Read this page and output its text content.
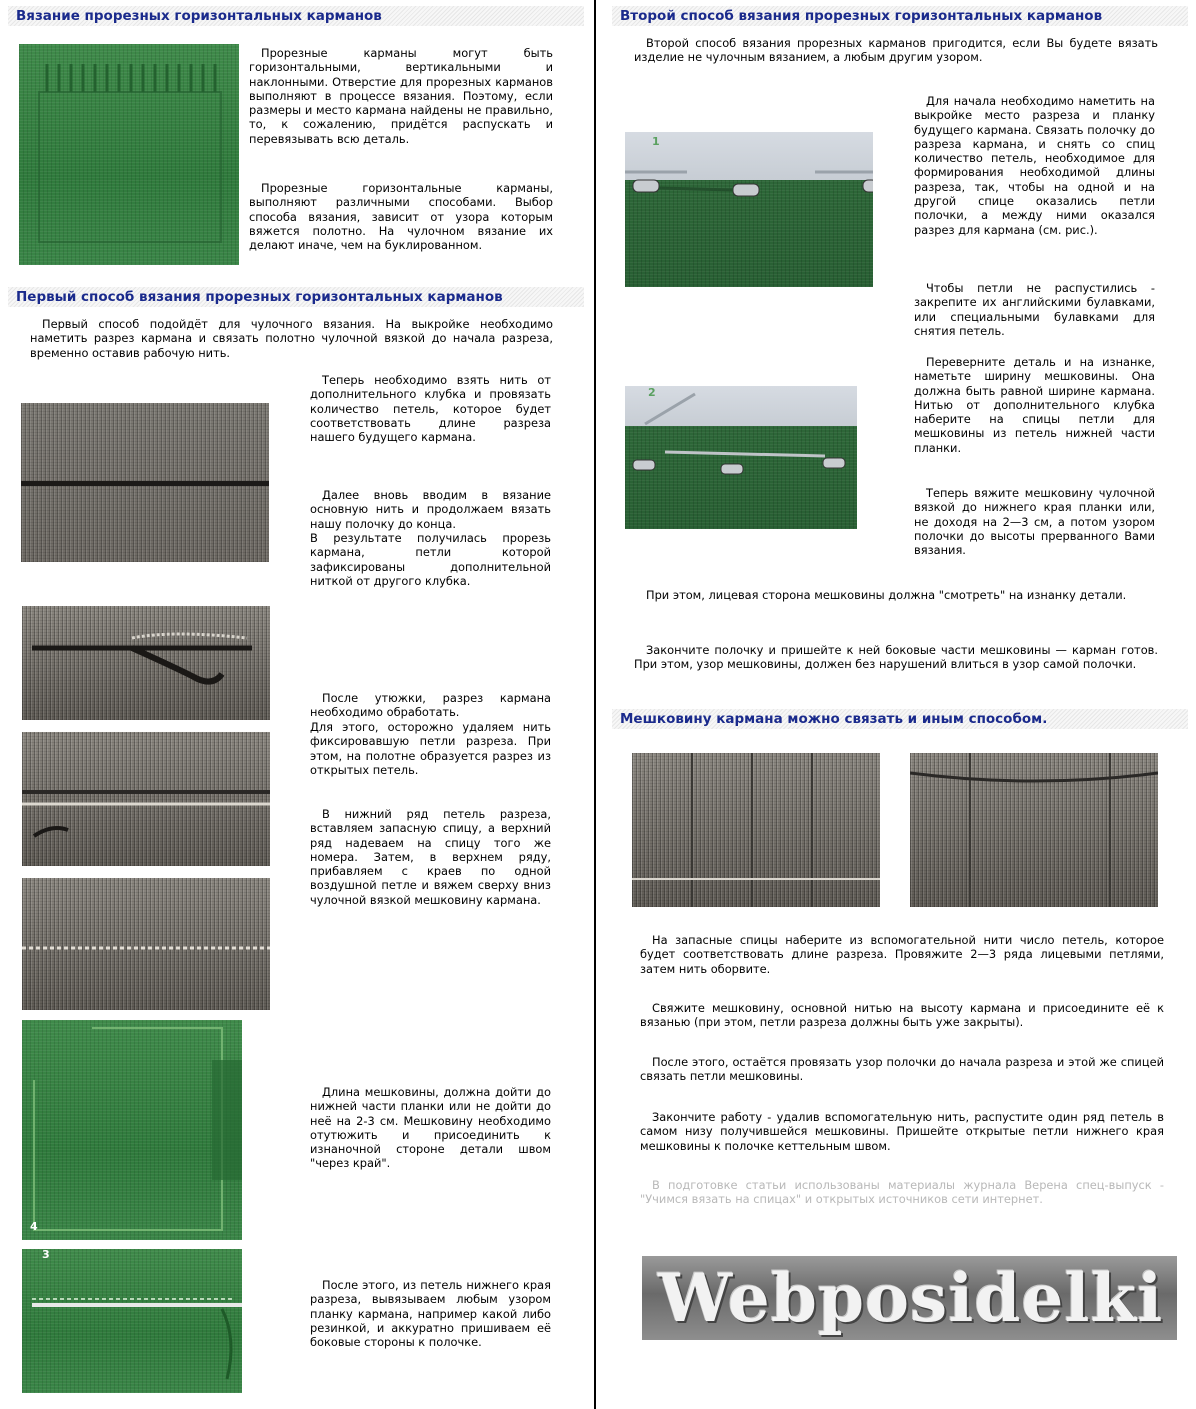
Вязание прорезных горизонтальных карманов

Прорезные карманы могут быть горизонтальными, вертикальными и наклонными. Отверстие для прорезных карманов выполняют в процессе вязания. Поэтому, если размеры и место кармана найдены не правильно, то, к сожалению, придётся распускать и перевязывать всю деталь.

Прорезные горизонтальные карманы, выполняют различными способами. Выбор способа вязания, зависит от узора которым вяжется полотно. На чулочном вязание их делают иначе, чем на буклированном.

Первый способ вязания прорезных горизонтальных карманов

Первый способ подойдёт для чулочного вязания. На выкройке необходимо наметить разрез кармана и связать полотно чулочной вязкой до начала разреза, временно оставив рабочую нить.

Теперь необходимо взять нить от дополнительного клубка и провязать количество петель, которое будет соответствовать длине разреза нашего будущего кармана.

Далее вновь вводим в вязание основную нить и продолжаем вязать нашу полочку до конца.

В результате получилась прорезь кармана, петли которой зафиксированы дополнительной ниткой от другого клубка.

После утюжки, разрез кармана необходимо обработать.

Для этого, осторожно удаляем нить фиксировавшую петли разреза. При этом, на полотне образуется разрез из открытых петель.

В нижний ряд петель разреза, вставляем запасную спицу, а верхний ряд надеваем на спицу того же номера. Затем, в верхнем ряду, прибавляем с краев по одной воздушной петле и вяжем сверху вниз чулочной вязкой мешковину кармана.

4

Длина мешковины, должна дойти до нижней части планки или не дойти до неё на 2-3 см. Мешковину необходимо отутюжить и присоединить к изнаночной стороне детали швом "через край".

3

После этого, из петель нижнего края разреза, вывязываем любым узором планку кармана, например какой либо резинкой, и аккуратно пришиваем её боковые стороны к полочке.

Второй способ вязания прорезных горизонтальных карманов

Второй способ вязания прорезных карманов пригодится, если Вы будете вязать изделие не чулочным вязанием, а любым другим узором.

1

Для начала необходимо наметить на выкройке место разреза и планку будущего кармана. Связать полочку до разреза кармана, и снять со спиц количество петель, необходимое для формирования необходимой длины разреза, так, чтобы на одной и на другой спице оказались петли полочки, а между ними оказался разрез для кармана (см. рис.).

Чтобы петли не распустились - закрепите их английскими булавками, или специальными булавками для снятия петель.

2

Переверните деталь и на изнанке, наметьте ширину мешковины. Она должна быть равной ширине кармана. Нитью от дополнительного клубка наберите на спицы петли для мешковины из петель нижней части планки.

Теперь вяжите мешковину чулочной вязкой до нижнего края планки или, не доходя на 2—3 см, а потом узором полочки до высоты прерванного Вами вязания.

При этом, лицевая сторона мешковины должна "смотреть" на изнанку детали.

Закончите полочку и пришейте к ней боковые части мешковины — карман готов. При этом, узор мешковины, должен без нарушений влиться в узор самой полочки.

Мешковину кармана можно связать и иным способом.

На запасные спицы наберите из вспомогательной нити число петель, которое будет соответствовать длине разреза. Провяжите 2—3 ряда лицевыми петлями, затем нить оборвите.

Свяжите мешковину, основной нитью на высоту кармана и присоедините её к вязанью (при этом, петли разреза должны быть уже закрыты).

После этого, остаётся провязать узор полочки до начала разреза и этой же спицей связать петли мешковины.

Закончите работу - удалив вспомогательную нить, распустите один ряд петель в самом низу получившейся мешковины. Пришейте открытые петли нижнего края мешковины к полочке кеттельным швом.

В подготовке статьи использованы материалы журнала Верена спец-выпуск - "Учимся вязать на спицах" и открытых источников сети интернет.

Webposidelki
